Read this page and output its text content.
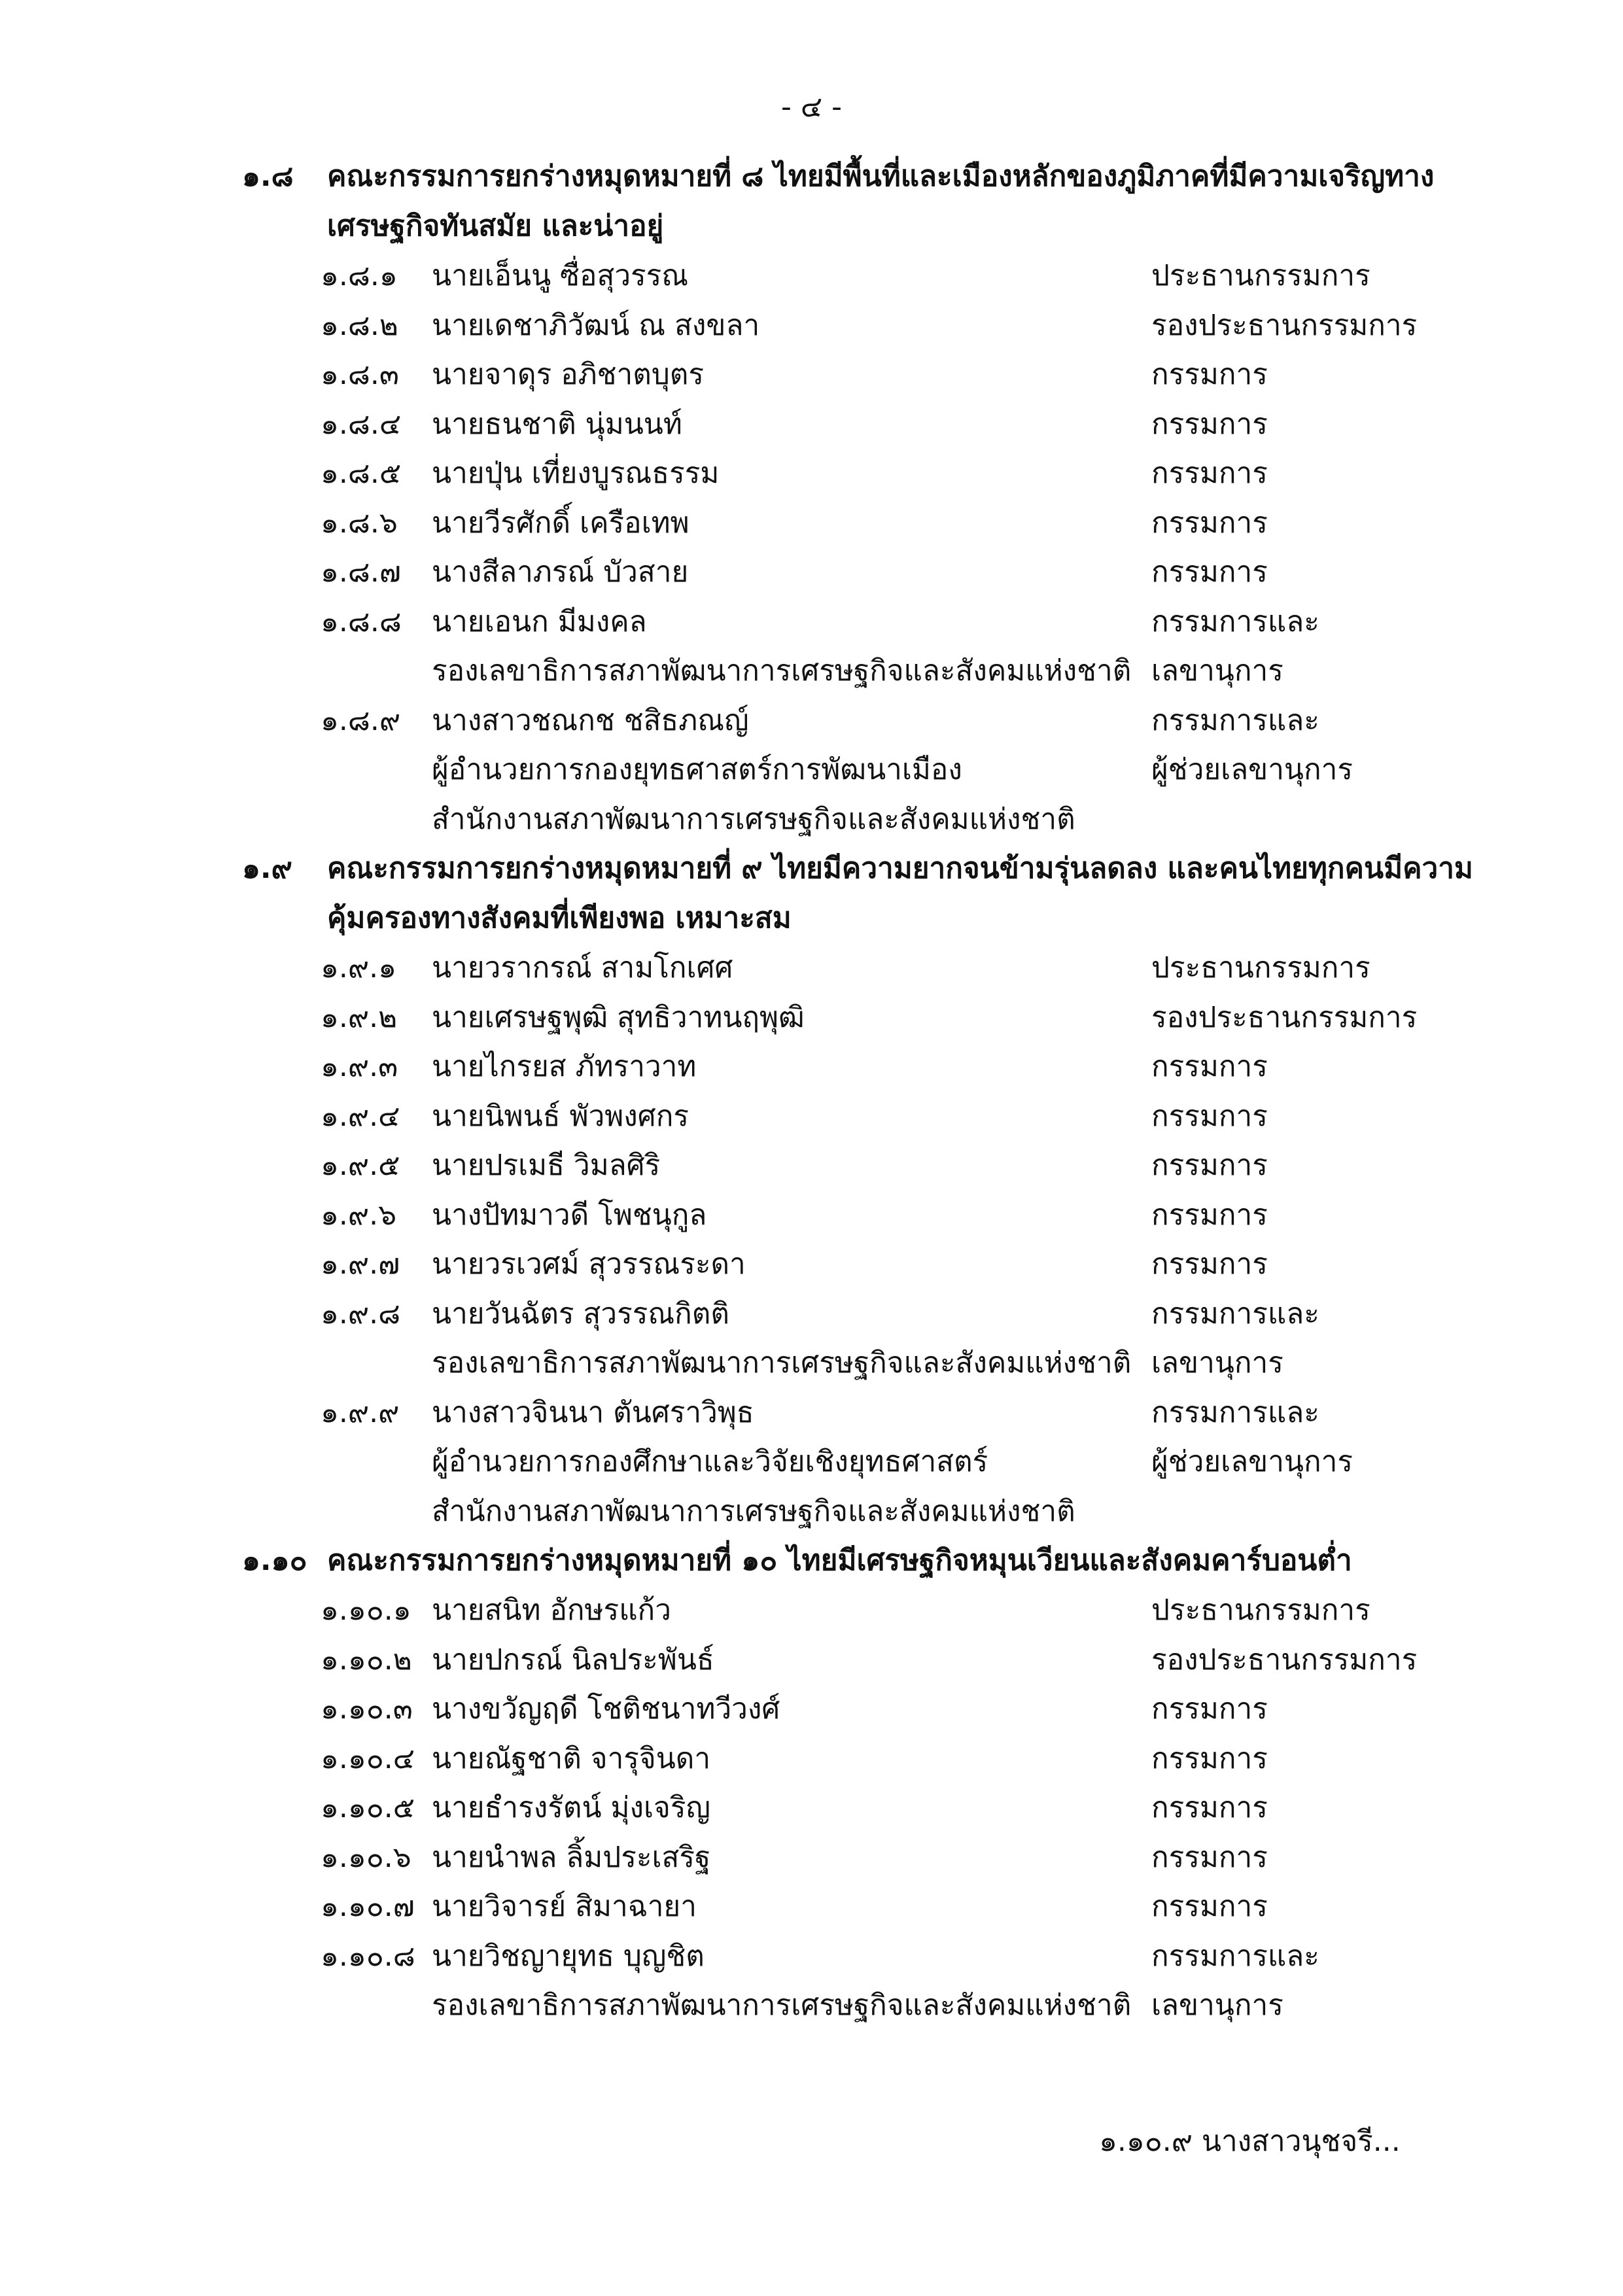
- ๔ -
๑.๘ คณะกรรมการยกร่างหมุดหมายที่ ๘ ไทยมีพื้นที่และเมืองหลักของภูมิภาคที่มีความเจริญทางเศรษฐกิจทันสมัย และน่าอยู่
๑.๘.๑ นายเอ็นนู ซื่อสุวรรณ	ประธานกรรมการ
๑.๘.๒ นายเดชาภิวัฒน์ ณ สงขลา	รองประธานกรรมการ
๑.๘.๓ นายจาดุร อภิชาตบุตร	กรรมการ
๑.๘.๔ นายธนชาติ นุ่มนนท์	กรรมการ
๑.๘.๕ นายปุ่น เที่ยงบูรณธรรม	กรรมการ
๑.๘.๖ นายวีรศักดิ์ เครือเทพ	กรรมการ
๑.๘.๗ นางสีลาภรณ์ บัวสาย	กรรมการ
๑.๘.๘ นายเอนก มีมงคล	กรรมการและ
รองเลขาธิการสภาพัฒนาการเศรษฐกิจและสังคมแห่งชาติ เลขานุการ
๑.๘.๙ นางสาวชณกช ชสิธภณญ์	กรรมการและ
ผู้อำนวยการกองยุทธศาสตร์การพัฒนาเมือง	ผู้ช่วยเลขานุการ
สำนักงานสภาพัฒนาการเศรษฐกิจและสังคมแห่งชาติ
๑.๙ คณะกรรมการยกร่างหมุดหมายที่ ๙ ไทยมีความยากจนข้ามรุ่นลดลง และคนไทยทุกคนมีความคุ้มครองทางสังคมที่เพียงพอ เหมาะสม
๑.๙.๑ นายวรากรณ์ สามโกเศศ	ประธานกรรมการ
๑.๙.๒ นายเศรษฐพุฒิ สุทธิวาทนฤพุฒิ	รองประธานกรรมการ
๑.๙.๓ นายไกรยส ภัทราวาท	กรรมการ
๑.๙.๔ นายนิพนธ์ พัวพงศกร	กรรมการ
๑.๙.๕ นายปรเมธี วิมลศิริ	กรรมการ
๑.๙.๖ นางปัทมาวดี โพชนุกูล	กรรมการ
๑.๙.๗ นายวรเวศม์ สุวรรณระดา	กรรมการ
๑.๙.๘ นายวันฉัตร สุวรรณกิตติ	กรรมการและ
รองเลขาธิการสภาพัฒนาการเศรษฐกิจและสังคมแห่งชาติ เลขานุการ
๑.๙.๙ นางสาวจินนา ตันศราวิพุธ	กรรมการและ
ผู้อำนวยการกองศึกษาและวิจัยเชิงยุทธศาสตร์	ผู้ช่วยเลขานุการ
สำนักงานสภาพัฒนาการเศรษฐกิจและสังคมแห่งชาติ
๑.๑๐ คณะกรรมการยกร่างหมุดหมายที่ ๑๐ ไทยมีเศรษฐกิจหมุนเวียนและสังคมคาร์บอนต่ำ
๑.๑๐.๑ นายสนิท อักษรแก้ว	ประธานกรรมการ
๑.๑๐.๒ นายปกรณ์ นิลประพันธ์	รองประธานกรรมการ
๑.๑๐.๓ นางขวัญฤดี โชติชนาทวีวงศ์	กรรมการ
๑.๑๐.๔ นายณัฐชาติ จารุจินดา	กรรมการ
๑.๑๐.๕ นายธำรงรัตน์ มุ่งเจริญ	กรรมการ
๑.๑๐.๖ นายนำพล ลิ้มประเสริฐ	กรรมการ
๑.๑๐.๗ นายวิจารย์ สิมาฉายา	กรรมการ
๑.๑๐.๘ นายวิชญายุทธ บุญชิต	กรรมการและ
รองเลขาธิการสภาพัฒนาการเศรษฐกิจและสังคมแห่งชาติ เลขานุการ
๑.๑๐.๙ นางสาวนุชจรี...
